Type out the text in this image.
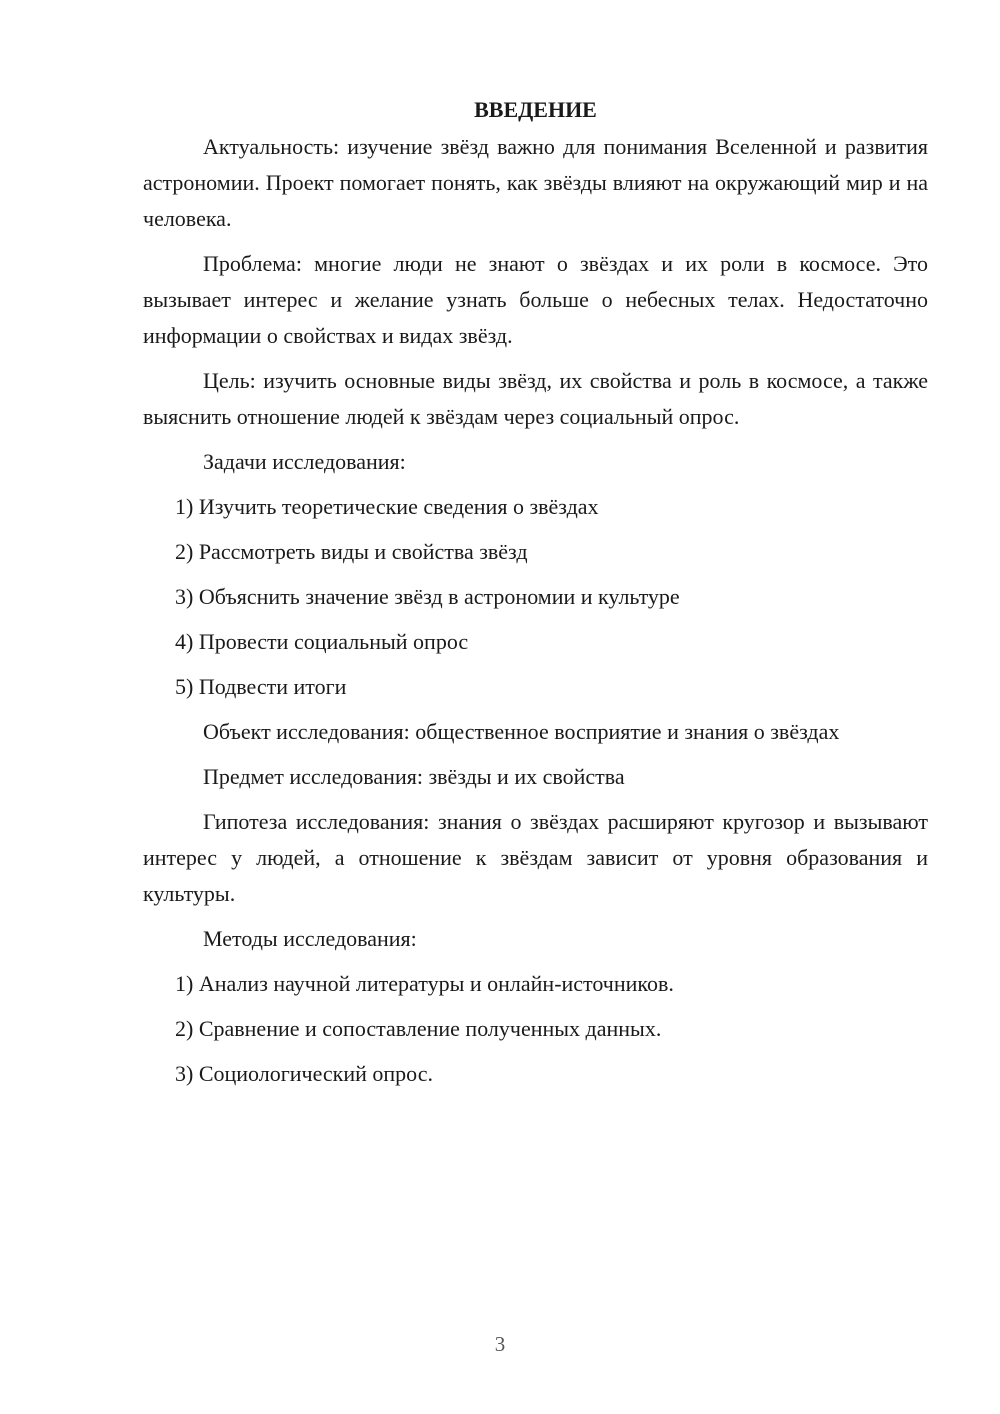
ВВЕДЕНИЕ

Актуальность: изучение звёзд важно для понимания Вселенной и развития астрономии. Проект помогает понять, как звёзды влияют на окружающий мир и на человека.

Проблема: многие люди не знают о звёздах и их роли в космосе. Это вызывает интерес и желание узнать больше о небесных телах. Недостаточно информации о свойствах и видах звёзд.

Цель: изучить основные виды звёзд, их свойства и роль в космосе, а также выяснить отношение людей к звёздам через социальный опрос.

Задачи исследования:
1) Изучить теоретические сведения о звёздах
2) Рассмотреть виды и свойства звёзд
3) Объяснить значение звёзд в астрономии и культуре
4) Провести социальный опрос
5) Подвести итоги
Объект исследования: общественное восприятие и знания о звёздах
Предмет исследования: звёзды и их свойства

Гипотеза исследования: знания о звёздах расширяют кругозор и вызывают интерес у людей, а отношение к звёздам зависит от уровня образования и культуры.

Методы исследования:
1) Анализ научной литературы и онлайн-источников.
2) Сравнение и сопоставление полученных данных.
3) Социологический опрос.
3
